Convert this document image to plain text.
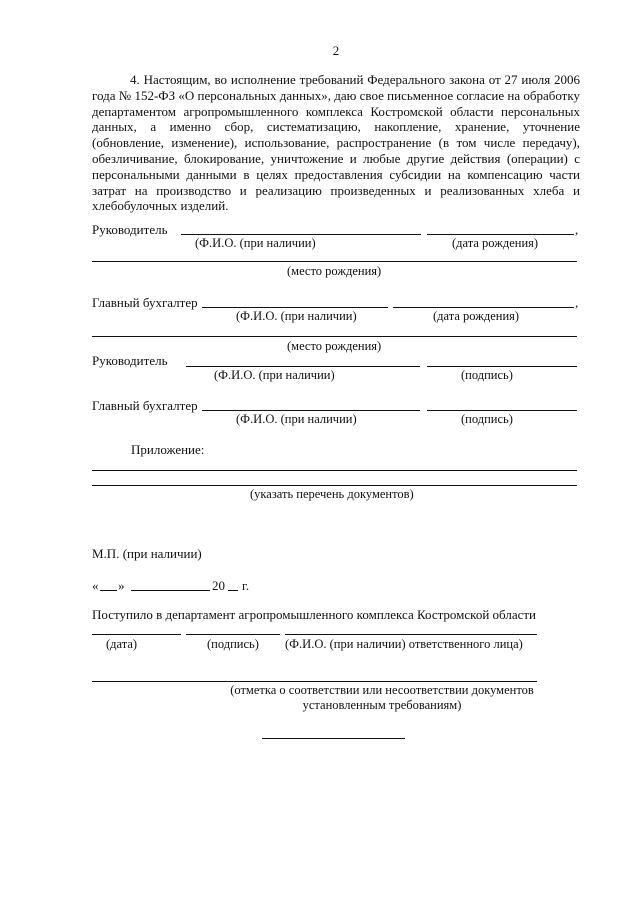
2
4. Настоящим, во исполнение требований Федерального закона от 27 июля 2006 года № 152-ФЗ «О персональных данных», даю свое письменное согласие на обработку департаментом агропромышленного комплекса Костромской области персональных данных, а именно сбор, систематизацию, накопление, хранение, уточнение (обновление, изменение), использование, распространение (в том числе передачу), обезличивание, блокирование, уничтожение и любые другие действия (операции) с персональными данными в целях предоставления субсидии на компенсацию части затрат на производство и реализацию произведенных и реализованных хлеба и хлебобулочных изделий.
Руководитель	,
(Ф.И.О. (при наличии)	(дата рождения)
(место рождения)
Главный бухгалтер	,
(Ф.И.О. (при наличии)	(дата рождения)
(место рождения)
Руководитель
(Ф.И.О. (при наличии)	(подпись)
Главный бухгалтер
(Ф.И.О. (при наличии)	(подпись)
Приложение:
(указать перечень документов)
М.П. (при наличии)
« »	20 г.
Поступило в департамент агропромышленного комплекса Костромской области
(дата)	(подпись) (Ф.И.О. (при наличии) ответственного лица)
(отметка о соответствии или несоответствии документов
установленным требованиям)
